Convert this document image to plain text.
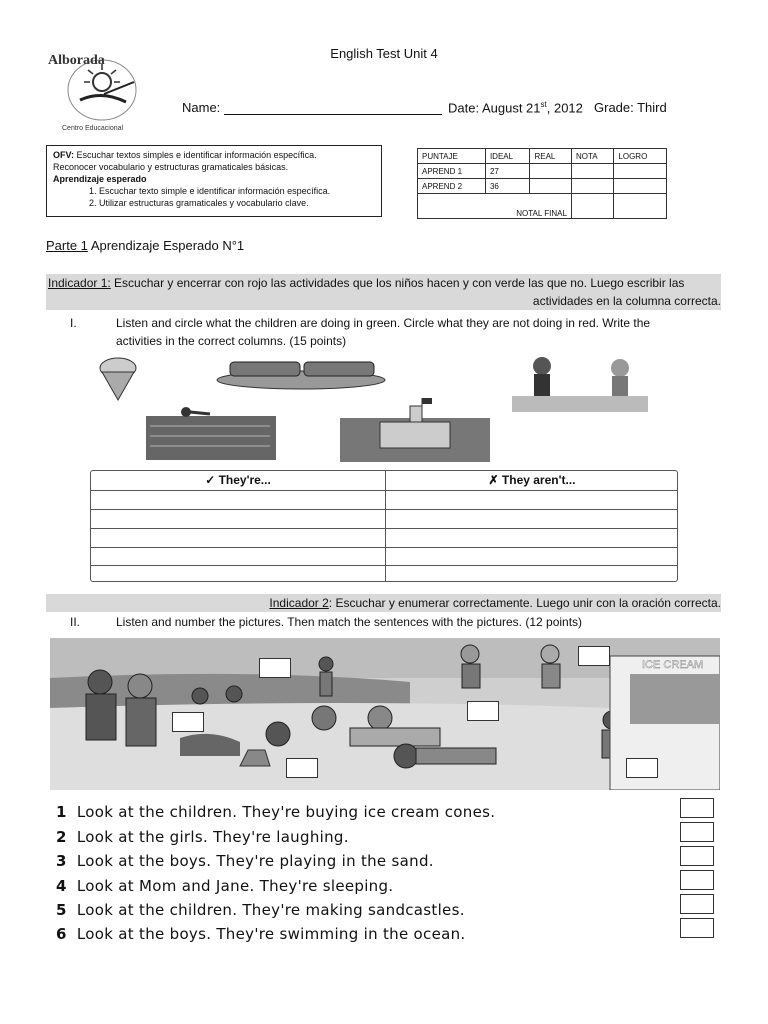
Alborada
Centro Educacional
English Test Unit 4
Name:	Date: August 21st, 2012 Grade: Third
OFV: Escuchar textos simples e identificar información específica.
Reconocer vocabulario y estructuras gramaticales básicas.
Aprendizaje esperado
1. Escuchar texto simple e identificar información específica.
2. Utilizar estructuras gramaticales y vocabulario clave.
PUNTAJE	IDEAL	REAL	NOTA	LOGRO
APREND 1	27			
APREND 2	36			
NOTAL FINAL				
Parte 1 Aprendizaje Esperado N°1
Indicador 1: Escuchar y encerrar con rojo las actividades que los niños hacen y con verde las que no. Luego escribir las
actividades en la columna correcta.
I.	Listen and circle what the children are doing in green. Circle what they are not doing in red. Write the
activities in the correct columns. (15 points)
✓ They're...	✗ They aren't...
Indicador 2: Escuchar y enumerar correctamente. Luego unir con la oración correcta.
II.	Listen and number the pictures. Then match the sentences with the pictures. (12 points)
ICE CREAM
1 Look at the children. They're buying ice cream cones.
2 Look at the girls. They're laughing.
3 Look at the boys. They're playing in the sand.
4 Look at Mom and Jane. They're sleeping.
5 Look at the children. They're making sandcastles.
6 Look at the boys. They're swimming in the ocean.
